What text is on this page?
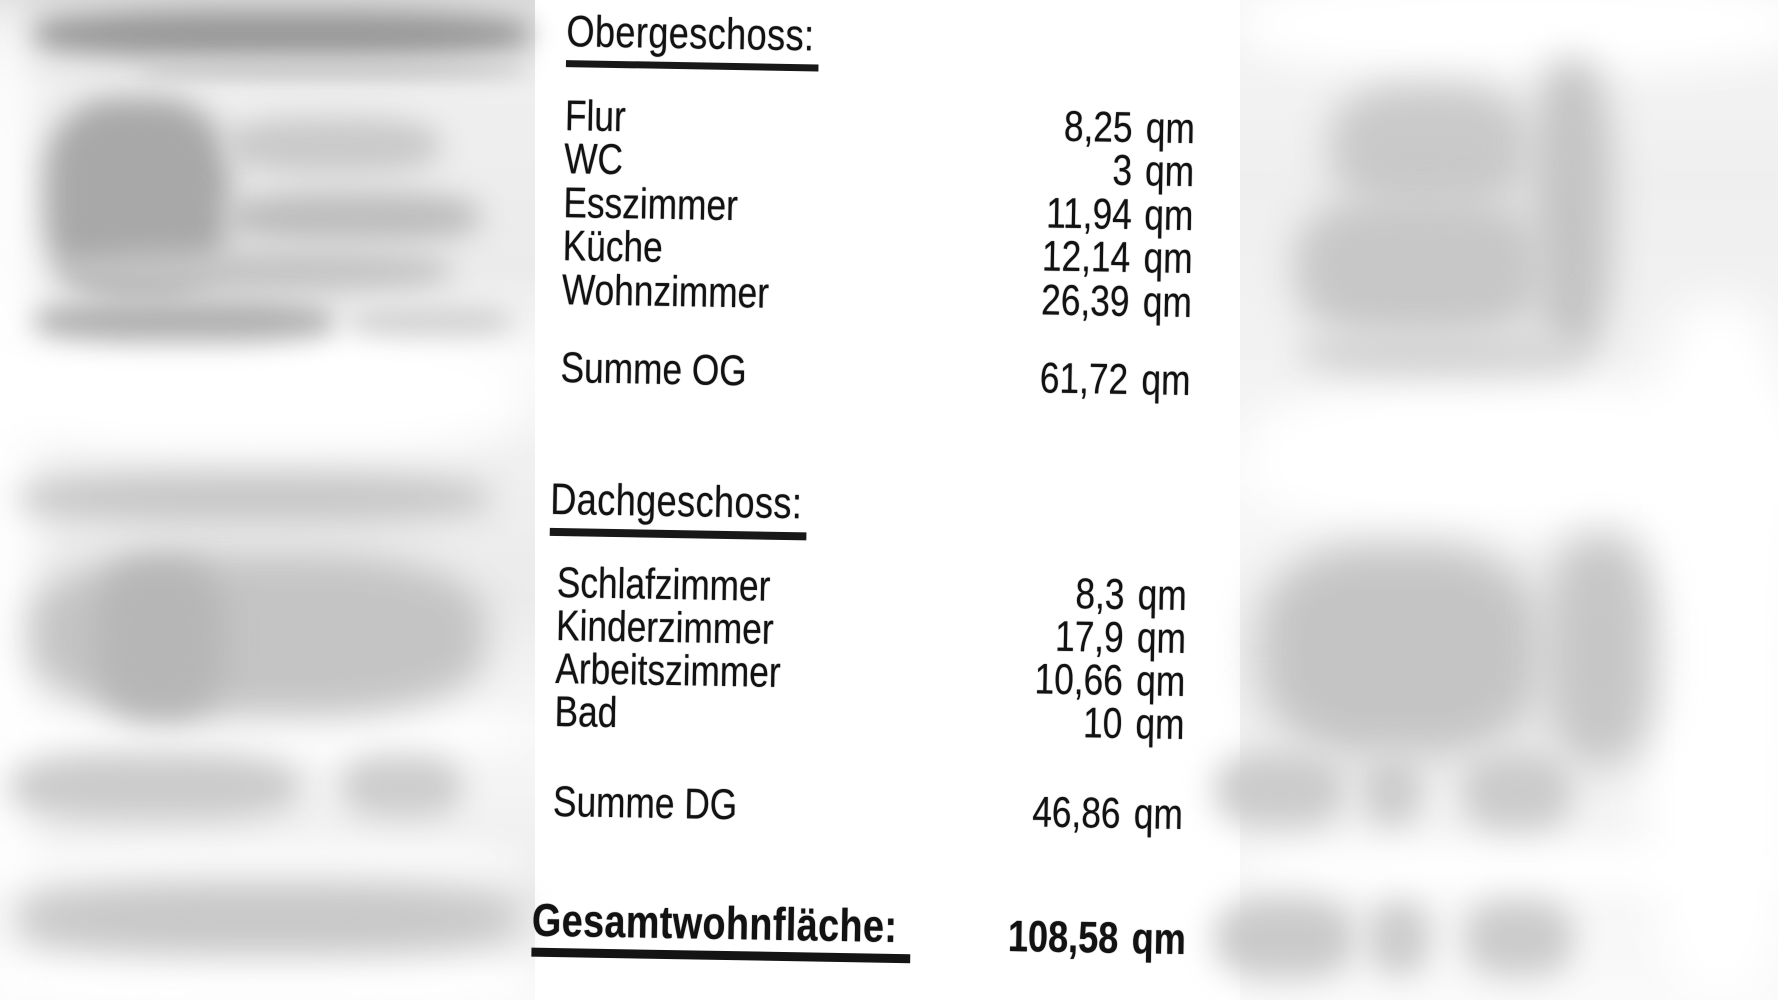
Obergeschoss:
Flur	8,25 qm
WC	3 qm
Esszimmer	11,94 qm
Küche	12,14 qm
Wohnzimmer	26,39 qm
Summe OG	61,72 qm
Dachgeschoss:
Schlafzimmer	8,3 qm
Kinderzimmer	17,9 qm
Arbeitszimmer	10,66 qm
Bad	10 qm
Summe DG	46,86 qm
Gesamtwohnfläche:	108,58 qm
